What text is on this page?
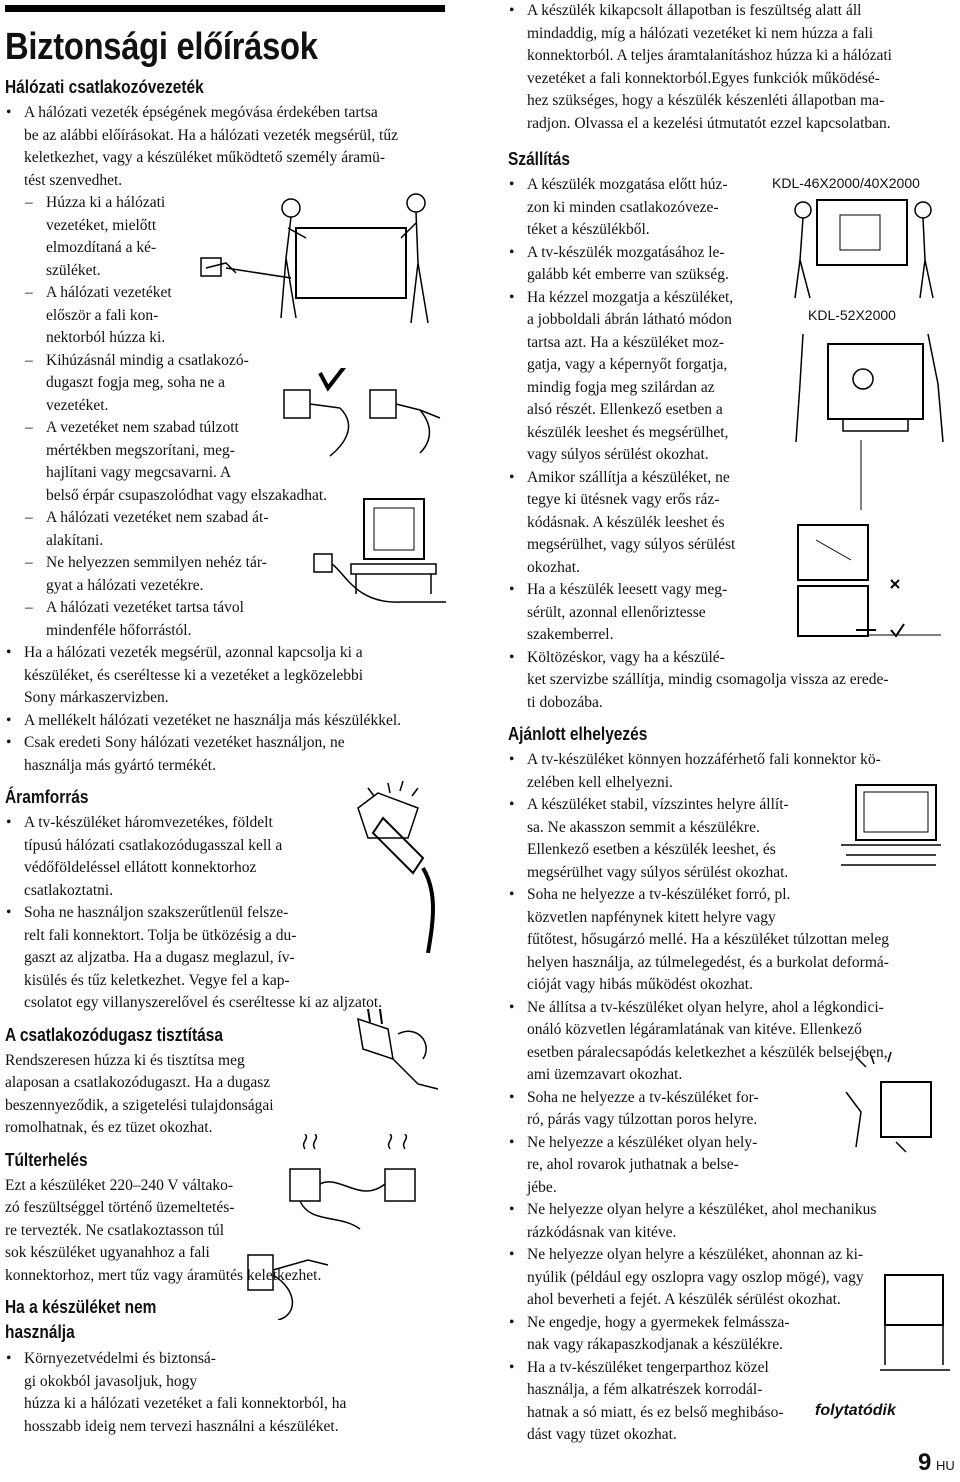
Biztonsági előírások
Hálózati csatlakozóvezeték
• A hálózati vezeték épségének megóvása érdekében tartsa
be az alábbi előírásokat. Ha a hálózati vezeték megsérül, tűz
keletkezhet, vagy a készüléket működtető személy áramü-
tést szenvedhet.
– Húzza ki a hálózati
vezetéket, mielőtt
elmozdítaná a ké-
szüléket.
– A hálózati vezetéket
először a fali kon-
nektorból húzza ki.
– Kihúzásnál mindig a csatlakozó-
dugaszt fogja meg, soha ne a
vezetéket.
– A vezetéket nem szabad túlzott
mértékben megszorítani, meg-
hajlítani vagy megcsavarni. A
belső érpár csupaszolódhat vagy elszakadhat.
– A hálózati vezetéket nem szabad át-
alakítani.
– Ne helyezzen semmilyen nehéz tár-
gyat a hálózati vezetékre.
– A hálózati vezetéket tartsa távol
mindenféle hőforrástól.
• Ha a hálózati vezeték megsérül, azonnal kapcsolja ki a
készüléket, és cseréltesse ki a vezetéket a legközelebbi
Sony márkaszervizben.
• A mellékelt hálózati vezetéket ne használja más készülékkel.
• Csak eredeti Sony hálózati vezetéket használjon, ne
használja más gyártó termékét.
Áramforrás
• A tv-készüléket háromvezetékes, földelt
típusú hálózati csatlakozódugasszal kell a
védőföldeléssel ellátott konnektorhoz
csatlakoztatni.
• Soha ne használjon szakszerűtlenül felsze-
relt fali konnektort. Tolja be ütközésig a du-
gaszt az aljzatba. Ha a dugasz meglazul, ív-
kisülés és tűz keletkezhet. Vegye fel a kap-
csolatot egy villanyszerelővel és cseréltesse ki az aljzatot.
A csatlakozódugasz tisztítása
Rendszeresen húzza ki és tisztítsa meg
alaposan a csatlakozódugaszt. Ha a dugasz
beszennyeződik, a szigetelési tulajdonságai
romolhatnak, és ez tüzet okozhat.
Túlterhelés
Ezt a készüléket 220–240 V váltako-
zó feszültséggel történő üzemeltetés-
re tervezték. Ne csatlakoztasson túl
sok készüléket ugyanahhoz a fali
konnektorhoz, mert tűz vagy áramütés keletkezhet.
Ha a készüléket nem
használja
• Környezetvédelmi és biztonsá-
gi okokból javasoljuk, hogy
húzza ki a hálózati vezetéket a fali konnektorból, ha
hosszabb ideig nem tervezi használni a készüléket.
• A készülék kikapcsolt állapotban is feszültség alatt áll
mindaddig, míg a hálózati vezetéket ki nem húzza a fali
konnektorból. A teljes áramtalanításhoz húzza ki a hálózati
vezetéket a fali konnektorból.Egyes funkciók működésé-
hez szükséges, hogy a készülék készenléti állapotban ma-
radjon. Olvassa el a kezelési útmutatót ezzel kapcsolatban.
Szállítás
• A készülék mozgatása előtt húz-
zon ki minden csatlakozóveze-
téket a készülékből.
• A tv-készülék mozgatásához le-
galább két emberre van szükség.
• Ha kézzel mozgatja a készüléket,
a jobboldali ábrán látható módon
tartsa azt. Ha a készüléket moz-
gatja, vagy a képernyőt forgatja,
mindig fogja meg szilárdan az
alsó részét. Ellenkező esetben a
készülék leeshet és megsérülhet,
vagy súlyos sérülést okozhat.
• Amikor szállítja a készüléket, ne
tegye ki ütésnek vagy erős ráz-
kódásnak. A készülék leeshet és
megsérülhet, vagy súlyos sérülést
okozhat.
• Ha a készülék leesett vagy meg-
sérült, azonnal ellenőriztesse
szakemberrel.
• Költözéskor, vagy ha a készülé-
ket szervizbe szállítja, mindig csomagolja vissza az erede-
ti dobozába.
Ajánlott elhelyezés
• A tv-készüléket könnyen hozzáférhető fali konnektor kö-
zelében kell elhelyezni.
• A készüléket stabil, vízszintes helyre állít-
sa. Ne akasszon semmit a készülékre.
Ellenkező esetben a készülék leeshet, és
megsérülhet vagy súlyos sérülést okozhat.
• Soha ne helyezze a tv-készüléket forró, pl.
közvetlen napfénynek kitett helyre vagy
fűtőtest, hősugárzó mellé. Ha a készüléket túlzottan meleg
helyen használja, az túlmelegedést, és a burkolat deformá-
cióját vagy hibás működést okozhat.
• Ne állítsa a tv-készüléket olyan helyre, ahol a légkondici-
onáló közvetlen légáramlatának van kitéve. Ellenkező
esetben páralecsapódás keletkezhet a készülék belsejében,
ami üzemzavart okozhat.
• Soha ne helyezze a tv-készüléket for-
ró, párás vagy túlzottan poros helyre.
• Ne helyezze a készüléket olyan hely-
re, ahol rovarok juthatnak a belse-
jébe.
• Ne helyezze olyan helyre a készüléket, ahol mechanikus
rázkódásnak van kitéve.
• Ne helyezze olyan helyre a készüléket, ahonnan az ki-
nyúlik (például egy oszlopra vagy oszlop mögé), vagy
ahol beverheti a fejét. A készülék sérülést okozhat.
• Ne engedje, hogy a gyermekek felmássza-
nak vagy rákapaszkodjanak a készülékre.
• Ha a tv-készüléket tengerparthoz közel
használja, a fém alkatrészek korrodál-
hatnak a só miatt, és ez belső meghibáso-
dást vagy tüzet okozhat.
KDL-46X2000/40X2000
KDL-52X2000
folytatódik
9 HU
